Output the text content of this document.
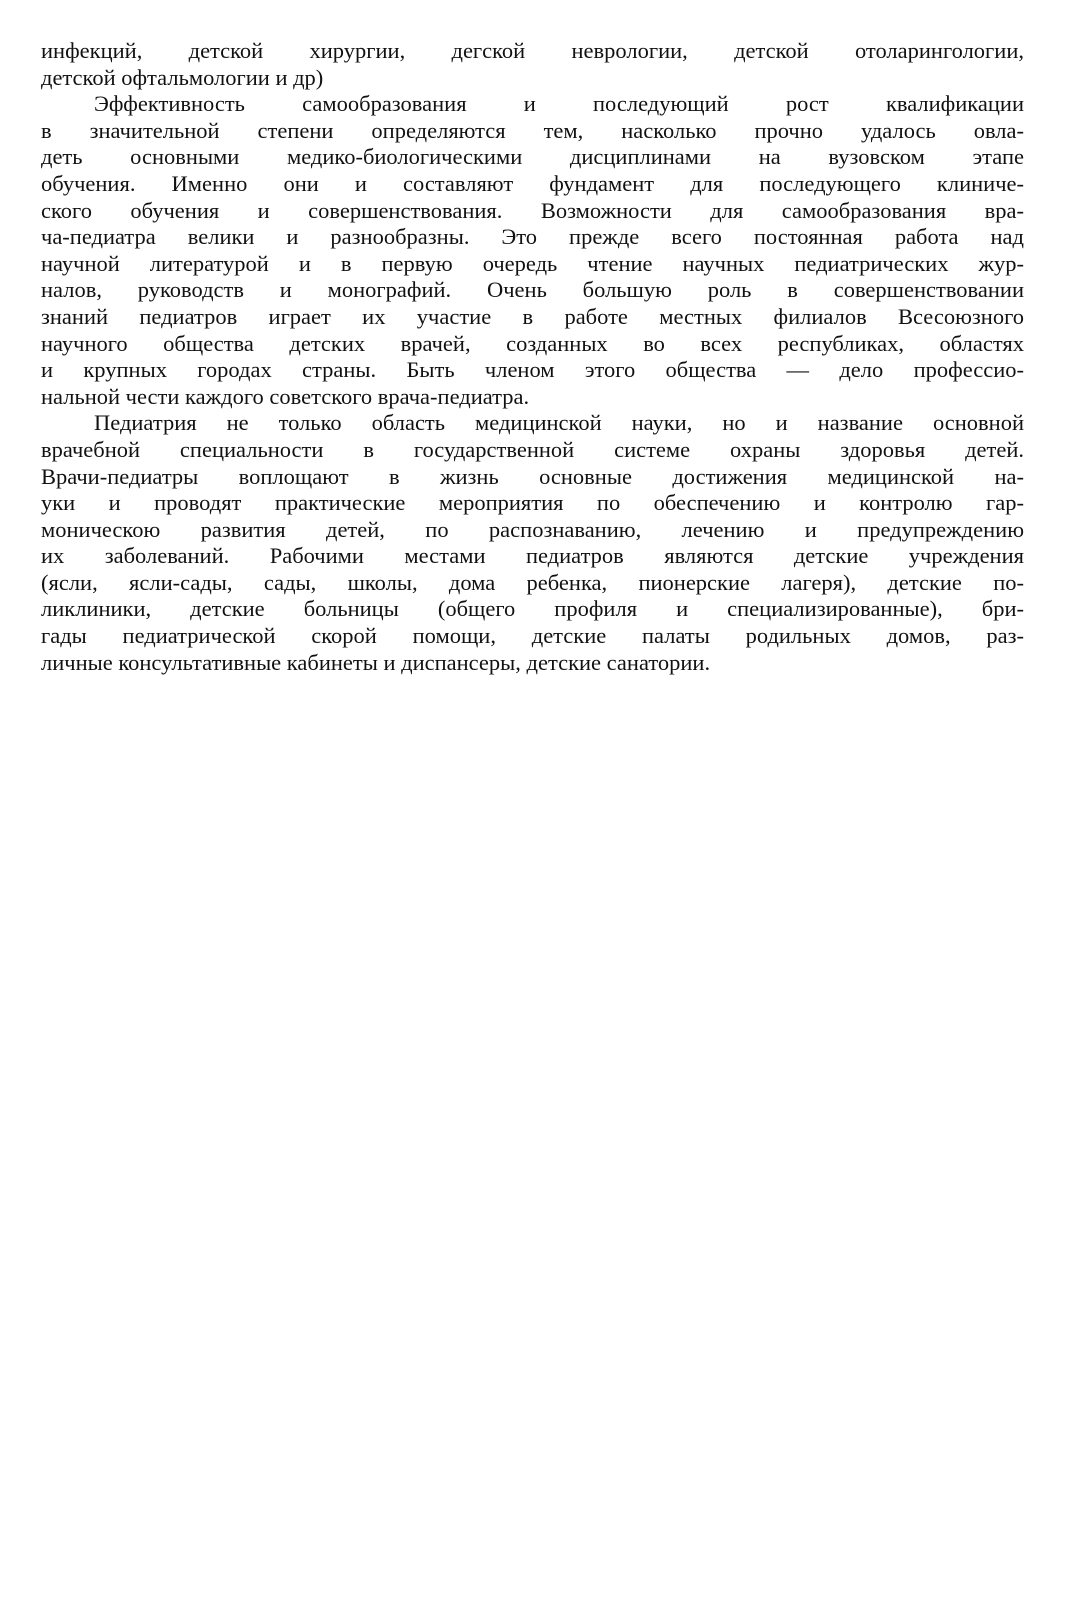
инфекций, детской хирургии, дегской неврологии, детской отоларингологии,
детской офтальмологии и др)
Эффективность самообразования и последующий рост квалификации
в значительной степени определяются тем, насколько прочно удалось овла-
деть основными медико-биологическими дисциплинами на вузовском этапе
обучения. Именно они и составляют фундамент для последующего клиниче-
ского обучения и совершенствования. Возможности для самообразования вра-
ча-педиатра велики и разнообразны. Это прежде всего постоянная работа над
научной литературой и в первую очередь чтение научных педиатрических жур-
налов, руководств и монографий. Очень большую роль в совершенствовании
знаний педиатров играет их участие в работе местных филиалов Всесоюзного
научного общества детских врачей, созданных во всех республиках, областях
и крупных городах страны. Быть членом этого общества — дело профессио-
нальной чести каждого советского врача-педиатра.
Педиатрия не только область медицинской науки, но и название основной
врачебной специальности в государственной системе охраны здоровья детей.
Врачи-педиатры воплощают в жизнь основные достижения медицинской на-
уки и проводят практические мероприятия по обеспечению и контролю гар-
моническою развития детей, по распознаванию, лечению и предупреждению
их заболеваний. Рабочими местами педиатров являются детские учреждения
(ясли, ясли-сады, сады, школы, дома ребенка, пионерские лагеря), детские по-
ликлиники, детские больницы (общего профиля и специализированные), бри-
гады педиатрической скорой помощи, детские палаты родильных домов, раз-
личные консультативные кабинеты и диспансеры, детские санатории.
